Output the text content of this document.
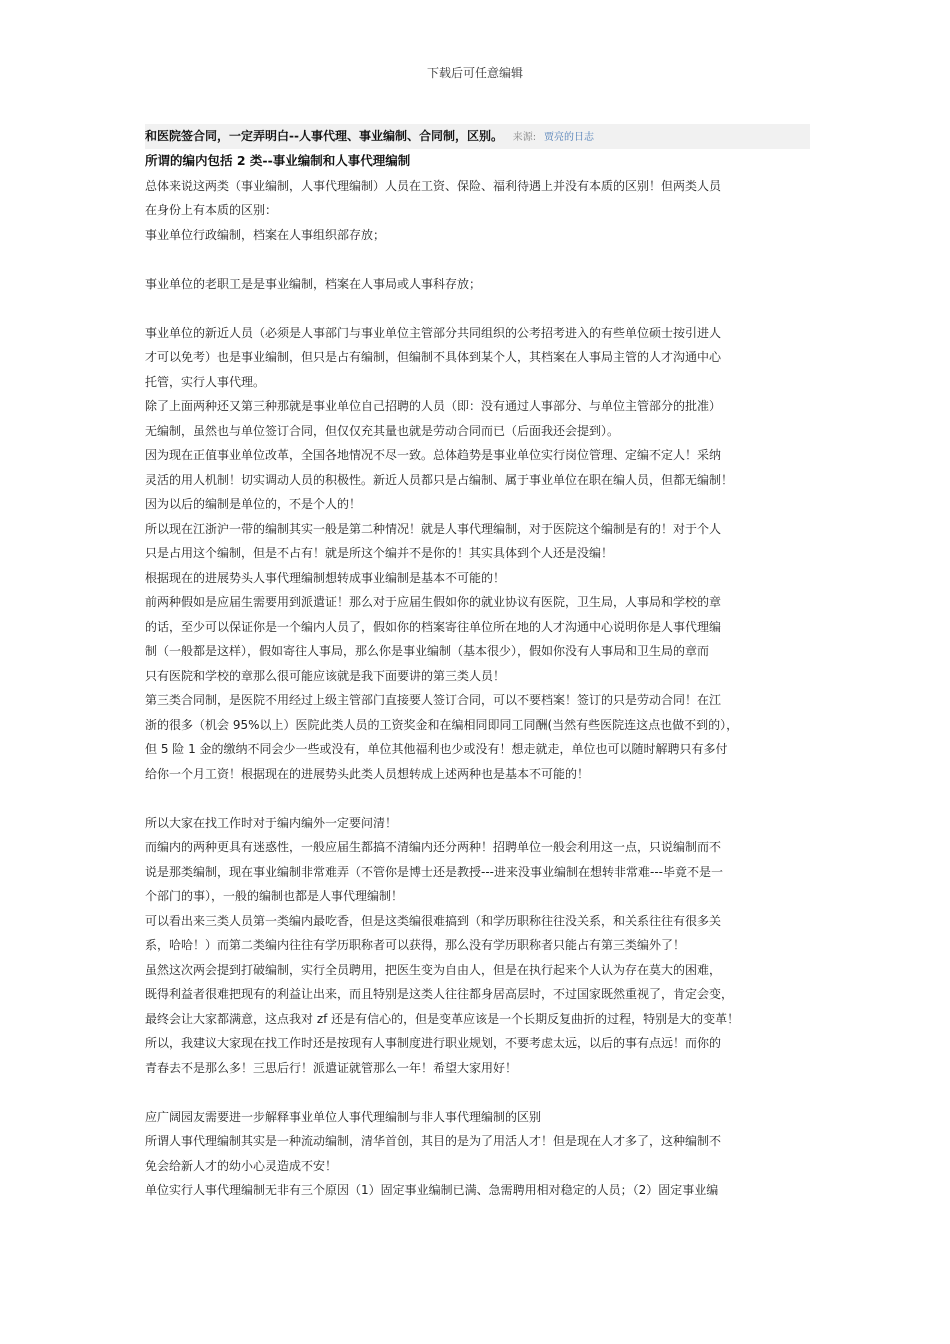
下载后可任意编辑
和医院签合同，一定弄明白--人事代理、事业编制、合同制，区别。 来源: 贾亮的日志
所谓的编内包括 2 类--事业编制和人事代理编制
总体来说这两类（事业编制，人事代理编制）人员在工资、保险、福利待遇上并没有本质的区别！但两类人员
在身份上有本质的区别：
事业单位行政编制，档案在人事组织部存放；
事业单位的老职工是是事业编制，档案在人事局或人事科存放；
事业单位的新近人员（必须是人事部门与事业单位主管部分共同组织的公考招考进入的有些单位硕士按引进人
才可以免考）也是事业编制，但只是占有编制，但编制不具体到某个人，其档案在人事局主管的人才沟通中心
托管，实行人事代理。
除了上面两种还又第三种那就是事业单位自己招聘的人员（即：没有通过人事部分、与单位主管部分的批准）
无编制，虽然也与单位签订合同，但仅仅充其量也就是劳动合同而已（后面我还会提到）。
因为现在正值事业单位改革，全国各地情况不尽一致。总体趋势是事业单位实行岗位管理、定编不定人！采纳
灵活的用人机制！切实调动人员的积极性。新近人员都只是占编制、属于事业单位在职在编人员，但都无编制！
因为以后的编制是单位的，不是个人的！
所以现在江浙沪一带的编制其实一般是第二种情况！就是人事代理编制，对于医院这个编制是有的！对于个人
只是占用这个编制，但是不占有！就是所这个编并不是你的！其实具体到个人还是没编！
根据现在的进展势头人事代理编制想转成事业编制是基本不可能的！
前两种假如是应届生需要用到派遣证！那么对于应届生假如你的就业协议有医院，卫生局，人事局和学校的章
的话，至少可以保证你是一个编内人员了，假如你的档案寄往单位所在地的人才沟通中心说明你是人事代理编
制（一般都是这样），假如寄往人事局，那么你是事业编制（基本很少），假如你没有人事局和卫生局的章而
只有医院和学校的章那么很可能应该就是我下面要讲的第三类人员！
第三类合同制，是医院不用经过上级主管部门直接要人签订合同，可以不要档案！签订的只是劳动合同！在江
浙的很多（机会 95%以上）医院此类人员的工资奖金和在编相同即同工同酬(当然有些医院连这点也做不到的），
但 5 险 1 金的缴纳不同会少一些或没有，单位其他福利也少或没有！想走就走，单位也可以随时解聘只有多付
给你一个月工资！根据现在的进展势头此类人员想转成上述两种也是基本不可能的！
所以大家在找工作时对于编内编外一定要问清！
而编内的两种更具有迷惑性，一般应届生都搞不清编内还分两种！招聘单位一般会利用这一点，只说编制而不
说是那类编制，现在事业编制非常难弄（不管你是博士还是教授---进来没事业编制在想转非常难---毕竟不是一
个部门的事），一般的编制也都是人事代理编制！
可以看出来三类人员第一类编内最吃香，但是这类编很难搞到（和学历职称往往没关系，和关系往往有很多关
系，哈哈！）而第二类编内往往有学历职称者可以获得，那么没有学历职称者只能占有第三类编外了！
虽然这次两会提到打破编制，实行全员聘用，把医生变为自由人，但是在执行起来个人认为存在莫大的困难，
既得利益者很难把现有的利益让出来，而且特别是这类人往往都身居高层时，不过国家既然重视了，肯定会变，
最终会让大家都满意，这点我对 zf 还是有信心的，但是变革应该是一个长期反复曲折的过程，特别是大的变革！
所以，我建议大家现在找工作时还是按现有人事制度进行职业规划，不要考虑太远，以后的事有点远！而你的
青春去不是那么多！三思后行！派遣证就管那么一年！希望大家用好！
应广阔园友需要进一步解释事业单位人事代理编制与非人事代理编制的区别
所谓人事代理编制其实是一种流动编制，清华首创，其目的是为了用活人才！但是现在人才多了，这种编制不
免会给新人才的幼小心灵造成不安！
单位实行人事代理编制无非有三个原因（1）固定事业编制已满、急需聘用相对稳定的人员；（2）固定事业编
